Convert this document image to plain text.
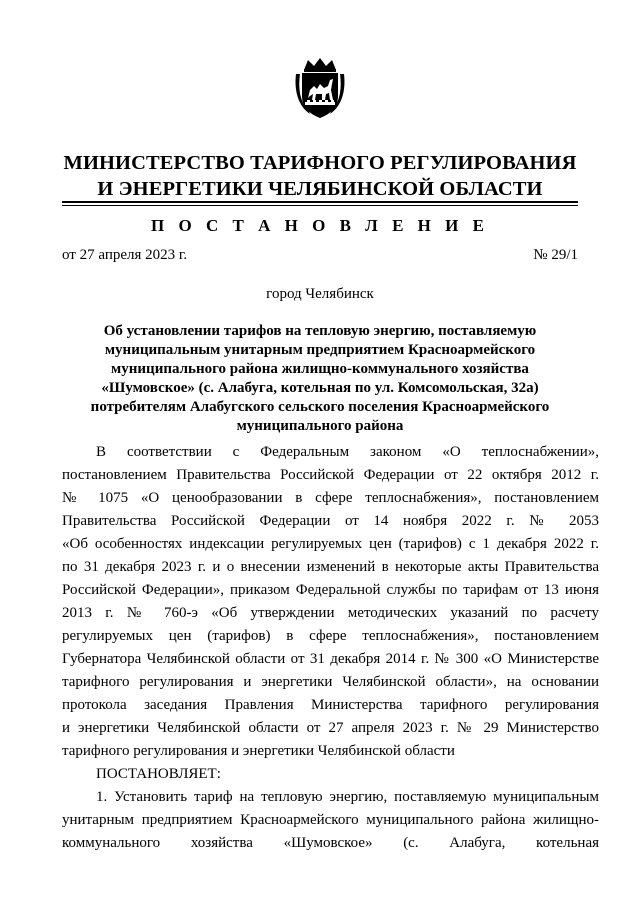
МИНИСТЕРСТВО ТАРИФНОГО РЕГУЛИРОВАНИЯ
И ЭНЕРГЕТИКИ ЧЕЛЯБИНСКОЙ ОБЛАСТИ
П О С Т А Н О В Л Е Н И Е
от 27 апреля 2023 г.	№ 29/1
город Челябинск
Об установлении тарифов на тепловую энергию, поставляемую муниципальным унитарным предприятием Красноармейского муниципального района жилищно-коммунального хозяйства «Шумовское» (с. Алабуга, котельная по ул. Комсомольская, 32а) потребителям Алабугского сельского поселения Красноармейского муниципального района
В соответствии с Федеральным законом «О теплоснабжении»,
постановлением Правительства Российской Федерации от 22 октября 2012 г.
№ 1075 «О ценообразовании в сфере теплоснабжения», постановлением
Правительства Российской Федерации от 14 ноября 2022 г. № 2053
«Об особенностях индексации регулируемых цен (тарифов) с 1 декабря 2022 г.
по 31 декабря 2023 г. и о внесении изменений в некоторые акты Правительства
Российской Федерации», приказом Федеральной службы по тарифам от 13 июня
2013 г. № 760-э «Об утверждении методических указаний по расчету
регулируемых цен (тарифов) в сфере теплоснабжения», постановлением
Губернатора Челябинской области от 31 декабря 2014 г. № 300 «О Министерстве
тарифного регулирования и энергетики Челябинской области», на основании
протокола заседания Правления Министерства тарифного регулирования
и энергетики Челябинской области от 27 апреля 2023 г. № 29 Министерство
тарифного регулирования и энергетики Челябинской области
ПОСТАНОВЛЯЕТ:
1. Установить тариф на тепловую энергию, поставляемую муниципальным
унитарным предприятием Красноармейского муниципального района жилищно-
коммунального хозяйства «Шумовское» (с. Алабуга, котельная
